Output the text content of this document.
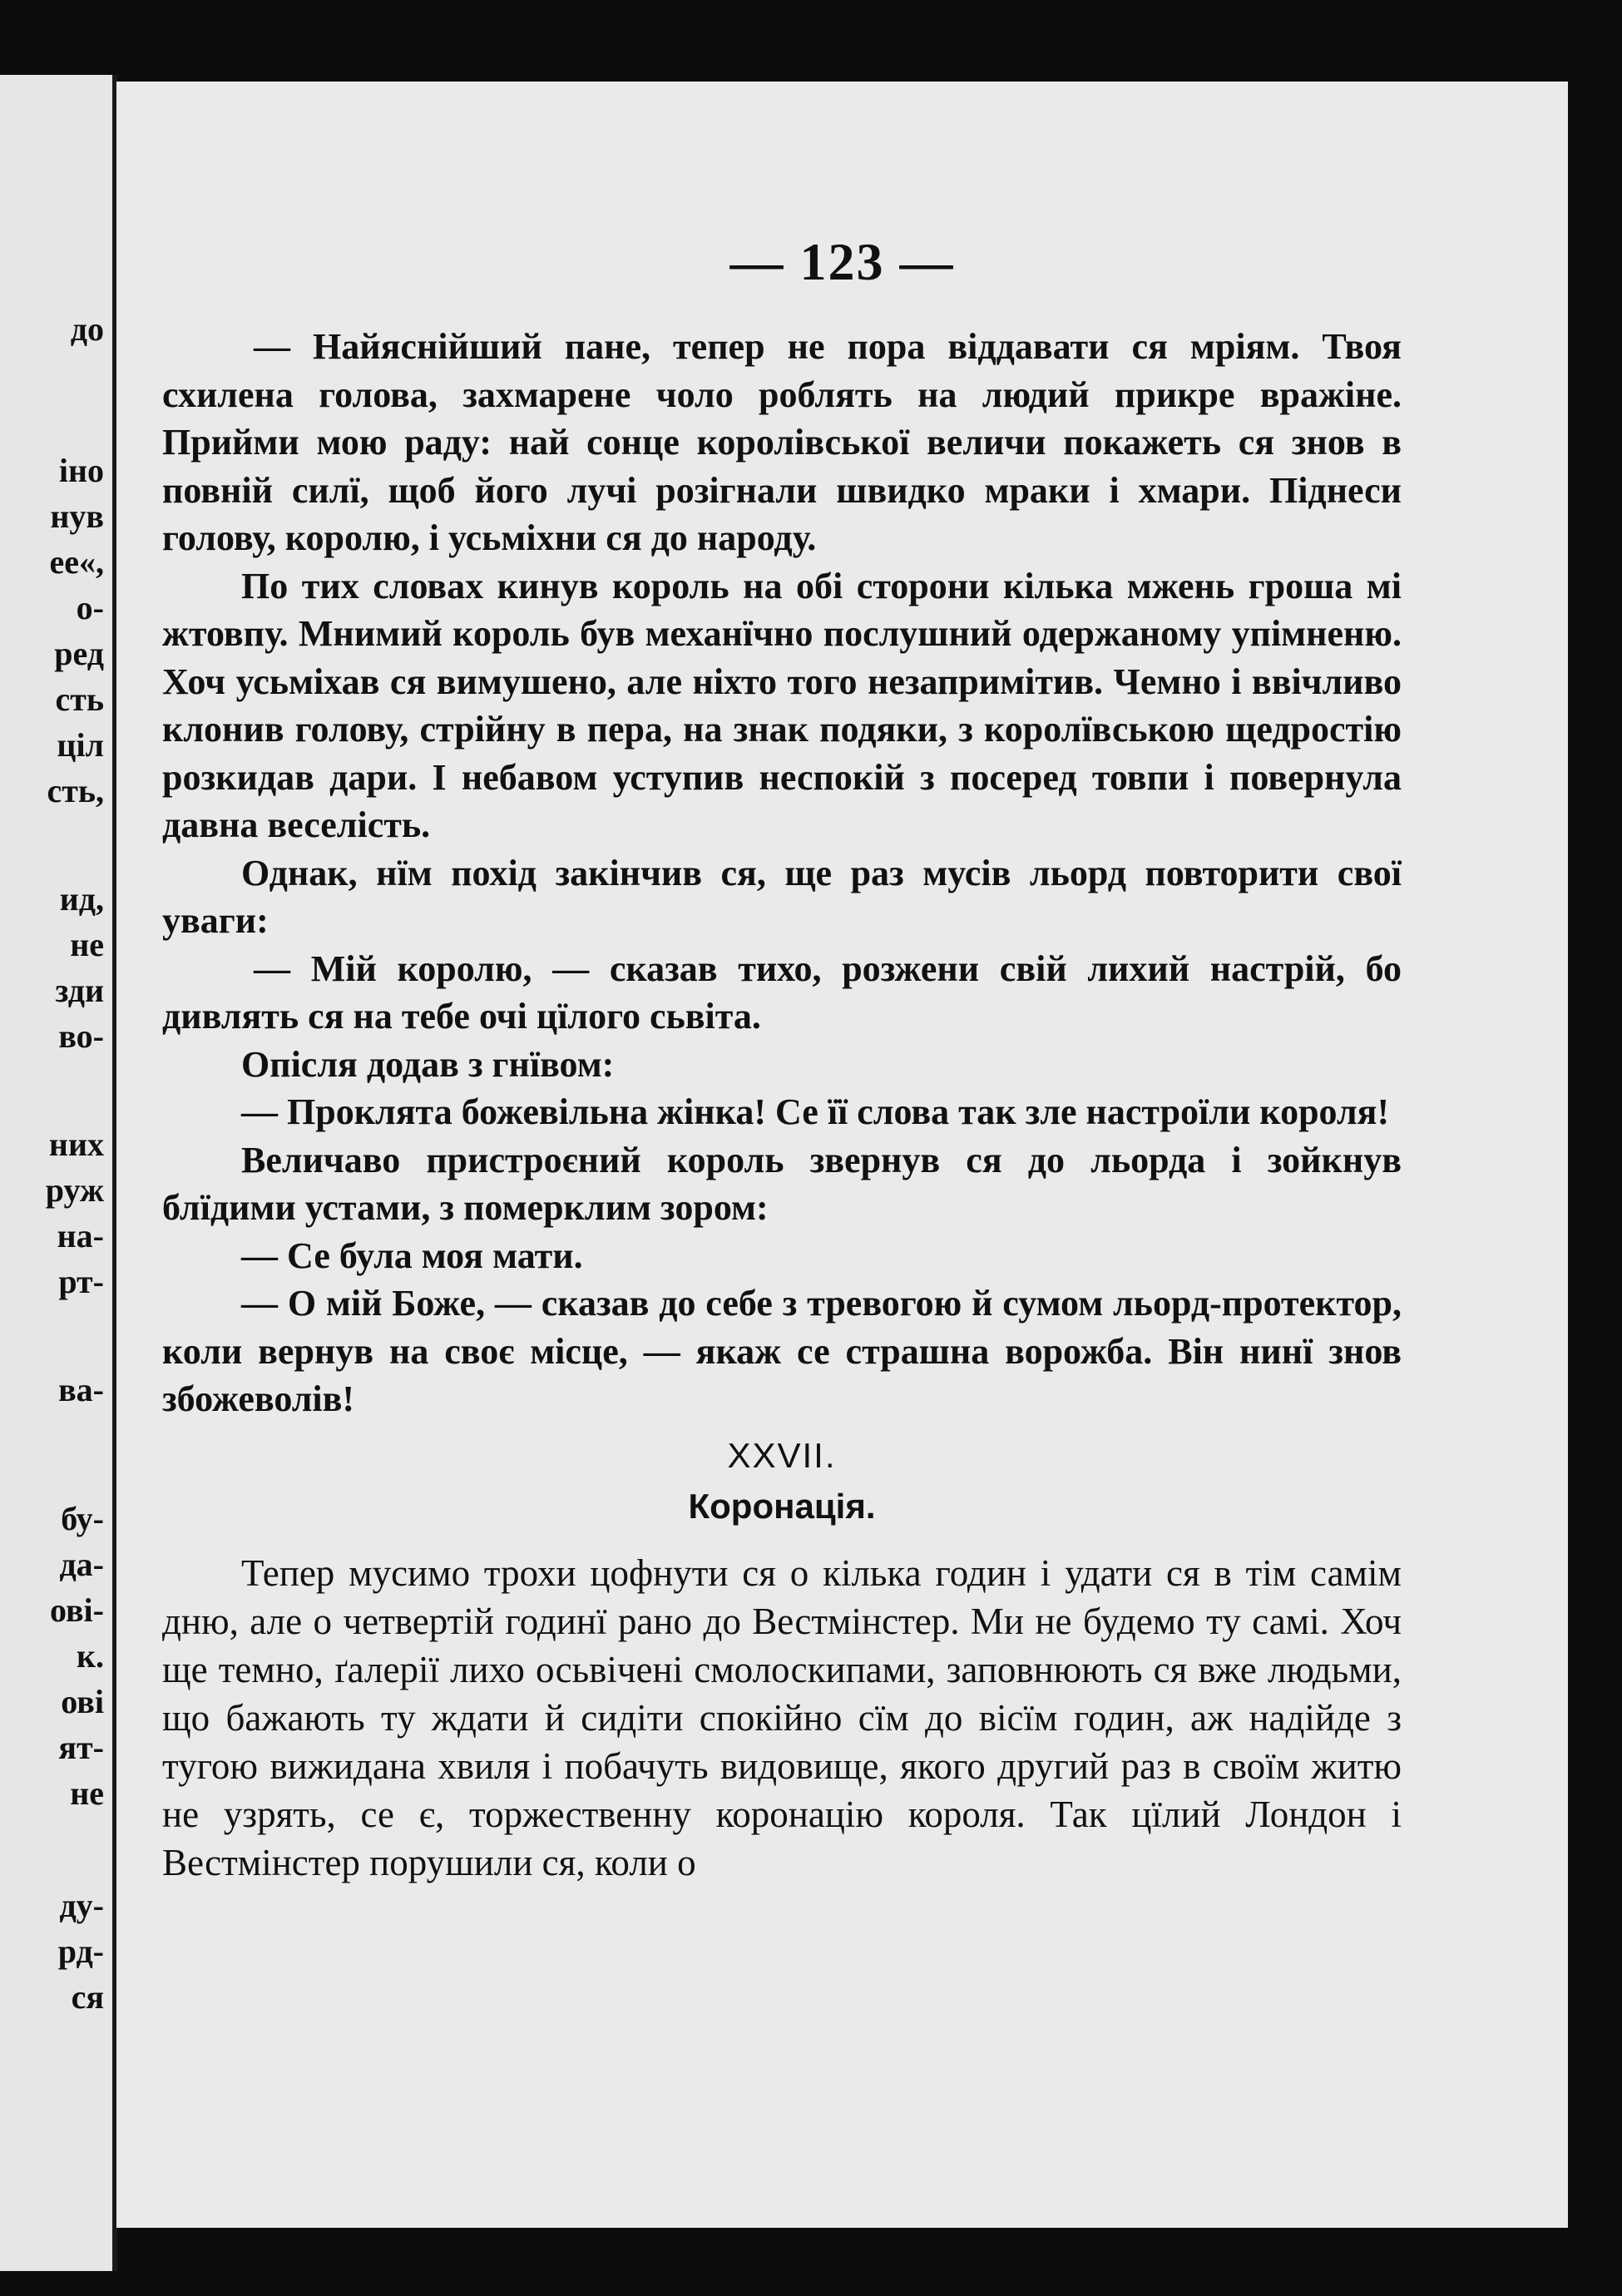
до
іно
нув
ее«,
о-
ред
сть
ціл
сть,
ид,
не
зди
во-
них
руж
на-
рт-
ва-
бу-
да-
ові-
к.
ові
ят-
не
ду-
рд-
ся
— 123 —

— Найяснійший пане, тепер не пора віддавати ся мріям. Твоя схилена голова, захмарене чоло роблять на людий прикре вражіне. Прийми мою раду: най сонце королівської величи покажеть ся знов в повній силї, щоб його лучі розігнали швидко мраки і хмари. Піднеси голову, королю, і усьміхни ся до народу.

По тих словах кинув король на обі сторони кілька мжень гроша мі жтовпу. Мнимий король був механїчно послушний одержаному упімненю. Хоч усьміхав ся вимушено, але ніхто того незапримітив. Чемно і ввічливо клонив голову, стрійну в пера, на знак подяки, з королївською щедростію розкидав дари. І небавом уступив неспокій з посеред товпи і повернула давна веселість.

Однак, нїм похід закінчив ся, ще раз мусів льорд повторити свої уваги:

— Мій королю, — сказав тихо, розжени свій лихий настрій, бо дивлять ся на тебе очі цїлого сьвіта.

Опісля додав з гнївом:

— Проклята божевільна жінка! Се її слова так зле настроїли короля!

Величаво пристроєний король звернув ся до льорда і зойкнув блїдими устами, з померклим зором:

— Се була моя мати.

— О мій Боже, — сказав до себе з тревогою й сумом льорд-протектор, коли вернув на своє місце, — якаж се страшна ворожба. Він нинї знов збожеволів!

XXVII.
Коронація.

Тепер мусимо трохи цофнути ся о кілька годин і удати ся в тім самім дню, але о четвертій годинї рано до Вестмінстер. Ми не будемо ту самі. Хоч ще темно, ґалерії лихо осьвічені смолоскипами, заповнюють ся вже людьми, що бажають ту ждати й сидіти спокійно сїм до вісїм годин, аж надійде з тугою вижидана хвиля і побачуть видовище, якого другий раз в своїм житю не узрять, се є, торжественну коронацію короля. Так цїлий Лондон і Вестмінстер порушили ся, коли о
